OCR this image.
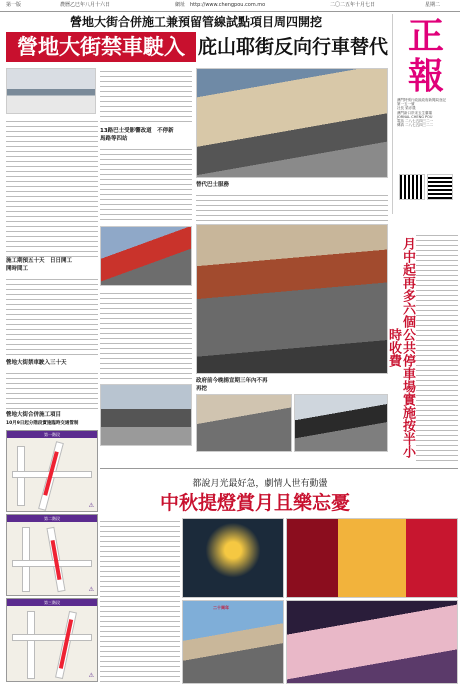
第一版	農曆乙巳年八月十六日	網址 http://www.chengpou.com.mo	二〇二五年十月七日	星期二
營地大街合併施工兼預留管線試點項目周四開挖
營地大街禁車駛入 庇山耶街反向行車替代 正報
澳門特別行政區政府新聞局登記
第一五一號
社長 梁亦農
澳門新口岸宋玉生廣場
JORNAL CHENG POU
電話 二八七五四三二一
傳真 二八七五四三二二
施工期預五十天　日日開工
開時間工
營地大街禁車駛入三十天
營地大街合併施工項目
10月9日起分階段實施臨時交通管制
第一階段
⚠
第二階段
⚠
第三階段
⚠
13路巴士受影響改道　不停新
馬路等四站
替代巴士服務
政府前今晚揚宣期三年內不再
再挖	月中起再多六個公共停車場實施按半小時收費
都說月光最好急，劇情人世有動盪
中秋提燈賞月且樂忘憂
二十周年
